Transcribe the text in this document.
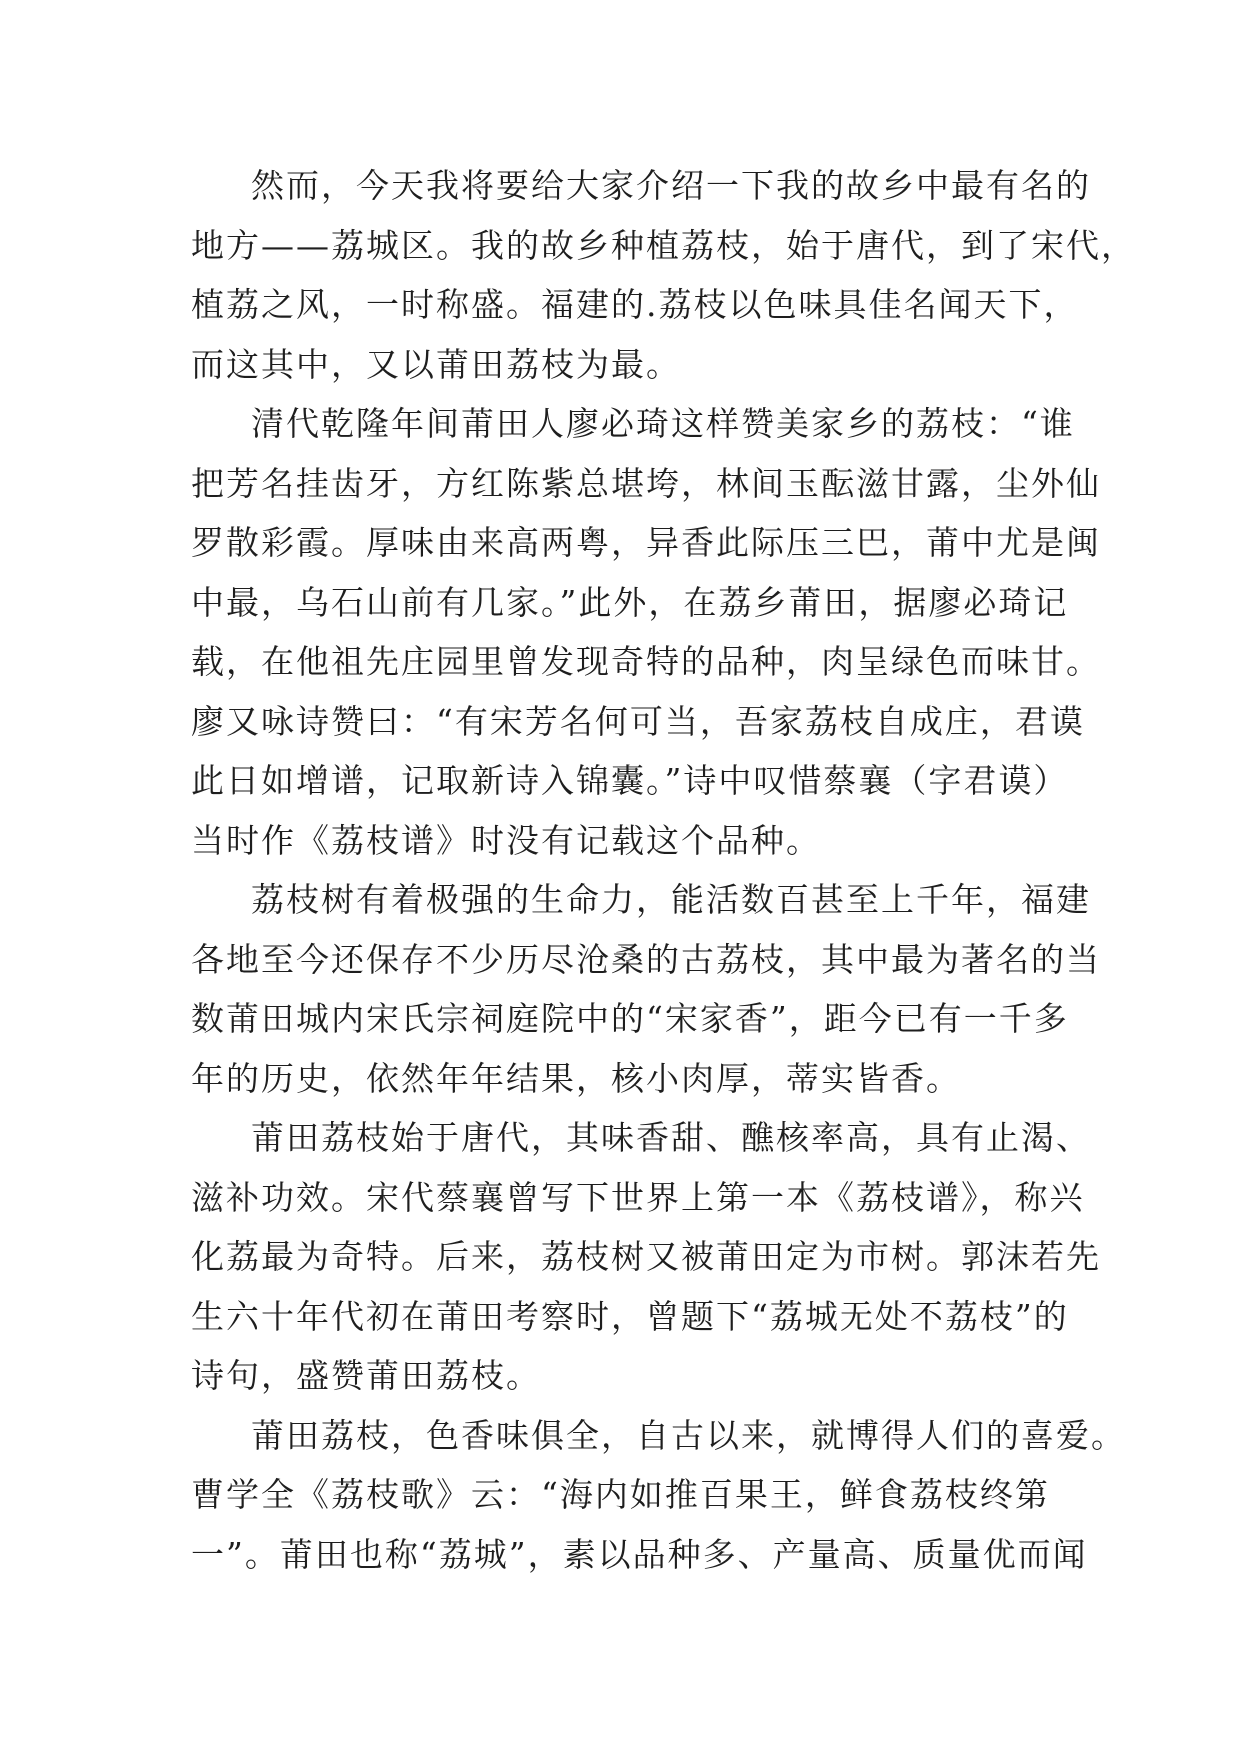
然而，今天我将要给大家介绍一下我的故乡中最有名的
地方——荔城区。我的故乡种植荔枝，始于唐代，到了宋代，
植荔之风，一时称盛。福建的.荔枝以色味具佳名闻天下，
而这其中，又以莆田荔枝为最。
清代乾隆年间莆田人廖必琦这样赞美家乡的荔枝：“谁
把芳名挂齿牙，方红陈紫总堪垮，林间玉酝滋甘露，尘外仙
罗散彩霞。厚味由来高两粤，异香此际压三巴，莆中尤是闽
中最，乌石山前有几家。”此外，在荔乡莆田，据廖必琦记
载，在他祖先庄园里曾发现奇特的品种，肉呈绿色而味甘。
廖又咏诗赞曰：“有宋芳名何可当，吾家荔枝自成庄，君谟
此日如增谱，记取新诗入锦囊。”诗中叹惜蔡襄（字君谟）
当时作《荔枝谱》时没有记载这个品种。
荔枝树有着极强的生命力，能活数百甚至上千年，福建
各地至今还保存不少历尽沧桑的古荔枝，其中最为著名的当
数莆田城内宋氏宗祠庭院中的“宋家香”，距今已有一千多
年的历史，依然年年结果，核小肉厚，蒂实皆香。
莆田荔枝始于唐代，其味香甜、醮核率高，具有止渴、
滋补功效。宋代蔡襄曾写下世界上第一本《荔枝谱》，称兴
化荔最为奇特。后来，荔枝树又被莆田定为市树。郭沫若先
生六十年代初在莆田考察时，曾题下“荔城无处不荔枝”的
诗句，盛赞莆田荔枝。
莆田荔枝，色香味俱全，自古以来，就博得人们的喜爱。
曹学全《荔枝歌》云：“海内如推百果王，鲜食荔枝终第
一”。莆田也称“荔城”，素以品种多、产量高、质量优而闻
